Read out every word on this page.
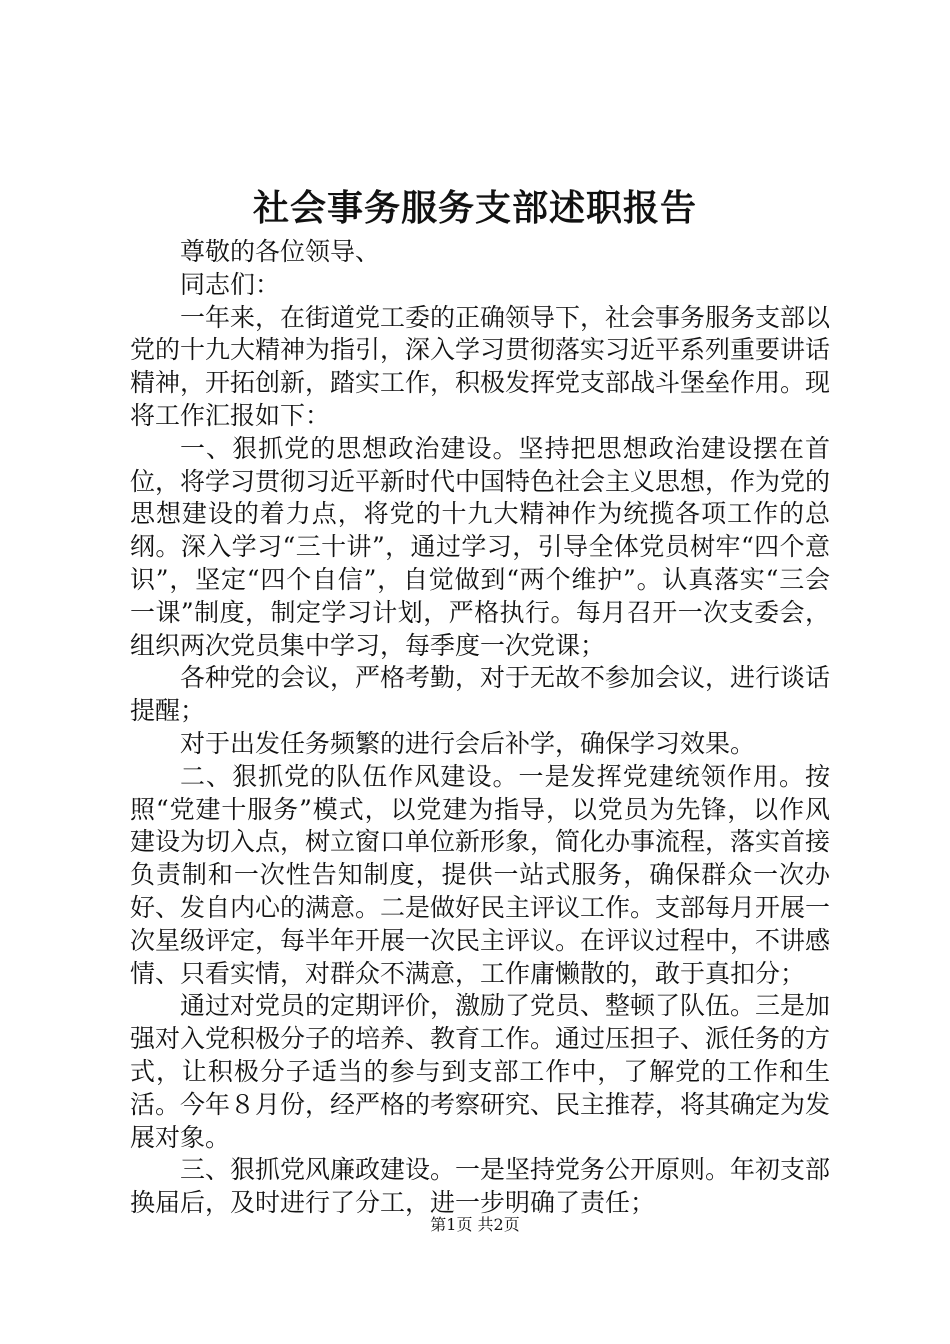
社会事务服务支部述职报告

尊敬的各位领导、

同志们：

一年来，在街道党工委的正确领导下，社会事务服务支部以党的十九大精神为指引，深入学习贯彻落实习近平系列重要讲话精神，开拓创新，踏实工作，积极发挥党支部战斗堡垒作用。现将工作汇报如下：

一、狠抓党的思想政治建设。坚持把思想政治建设摆在首位，将学习贯彻习近平新时代中国特色社会主义思想，作为党的思想建设的着力点，将党的十九大精神作为统揽各项工作的总纲。深入学习“三十讲”，通过学习，引导全体党员树牢“四个意识”，坚定“四个自信”，自觉做到“两个维护”。认真落实“三会一课”制度，制定学习计划，严格执行。每月召开一次支委会，组织两次党员集中学习，每季度一次党课；

各种党的会议，严格考勤，对于无故不参加会议，进行谈话提醒；

对于出发任务频繁的进行会后补学，确保学习效果。

二、狠抓党的队伍作风建设。一是发挥党建统领作用。按照“党建十服务”模式，以党建为指导，以党员为先锋，以作风建设为切入点，树立窗口单位新形象，简化办事流程，落实首接负责制和一次性告知制度，提供一站式服务，确保群众一次办好、发自内心的满意。二是做好民主评议工作。支部每月开展一次星级评定，每半年开展一次民主评议。在评议过程中，不讲感情、只看实情，对群众不满意，工作庸懒散的，敢于真扣分；

通过对党员的定期评价，激励了党员、整顿了队伍。三是加强对入党积极分子的培养、教育工作。通过压担子、派任务的方式，让积极分子适当的参与到支部工作中，了解党的工作和生活。今年８月份，经严格的考察研究、民主推荐，将其确定为发展对象。

三、狠抓党风廉政建设。一是坚持党务公开原则。年初支部换届后，及时进行了分工，进一步明确了责任；

第1页 共2页
